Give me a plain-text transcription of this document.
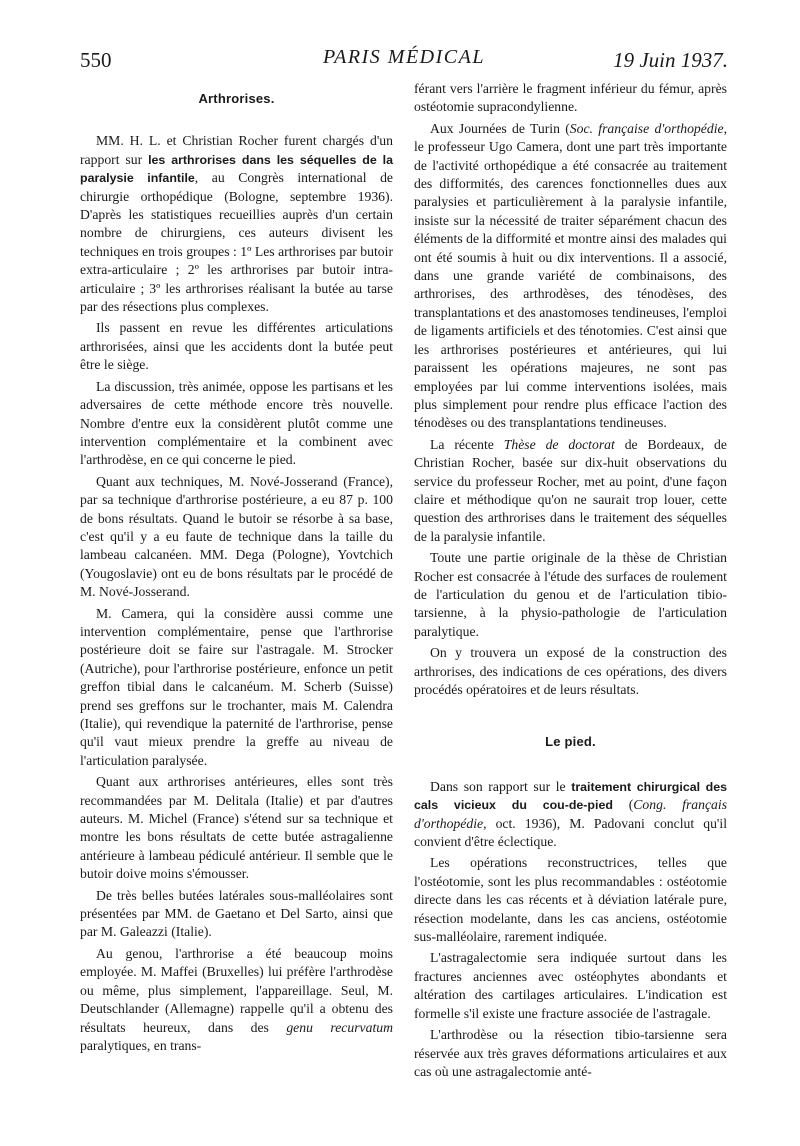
550	PARIS MÉDICAL	19 Juin 1937.
Arthrorises.

MM. H. L. et Christian Rocher furent chargés d'un rapport sur les arthrorises dans les séquelles de la paralysie infantile, au Congrès international de chirurgie orthopédique (Bologne, septembre 1936). D'après les statistiques recueillies auprès d'un certain nombre de chirurgiens, ces auteurs divisent les techniques en trois groupes : 1º Les arthrorises par butoir extra-articulaire ; 2º les arthrorises par butoir intra-articulaire ; 3º les arthrorises réalisant la butée au tarse par des résections plus complexes.

Ils passent en revue les différentes articulations arthrorisées, ainsi que les accidents dont la butée peut être le siège.

La discussion, très animée, oppose les partisans et les adversaires de cette méthode encore très nouvelle. Nombre d'entre eux la considèrent plutôt comme une intervention complémentaire et la combinent avec l'arthrodèse, en ce qui concerne le pied.

Quant aux techniques, M. Nové-Josserand (France), par sa technique d'arthrorise postérieure, a eu 87 p. 100 de bons résultats. Quand le butoir se résorbe à sa base, c'est qu'il y a eu faute de technique dans la taille du lambeau calcanéen. MM. Dega (Pologne), Yovtchich (Yougoslavie) ont eu de bons résultats par le procédé de M. Nové-Josserand.

M. Camera, qui la considère aussi comme une intervention complémentaire, pense que l'arthrorise postérieure doit se faire sur l'astragale. M. Strocker (Autriche), pour l'arthrorise postérieure, enfonce un petit greffon tibial dans le calcanéum. M. Scherb (Suisse) prend ses greffons sur le trochanter, mais M. Calendra (Italie), qui revendique la paternité de l'arthrorise, pense qu'il vaut mieux prendre la greffe au niveau de l'articulation paralysée.

Quant aux arthrorises antérieures, elles sont très recommandées par M. Delitala (Italie) et par d'autres auteurs. M. Michel (France) s'étend sur sa technique et montre les bons résultats de cette butée astragalienne antérieure à lambeau pédiculé antérieur. Il semble que le butoir doive moins s'émousser.

De très belles butées latérales sous-malléolaires sont présentées par MM. de Gaetano et Del Sarto, ainsi que par M. Galeazzi (Italie).

Au genou, l'arthrorise a été beaucoup moins employée. M. Maffei (Bruxelles) lui préfère l'arthrodèse ou même, plus simplement, l'appareillage. Seul, M. Deutschlander (Allemagne) rappelle qu'il a obtenu des résultats heureux, dans des genu recurvatum paralytiques, en trans-

férant vers l'arrière le fragment inférieur du fémur, après ostéotomie supracondylienne.

Aux Journées de Turin (Soc. française d'orthopédie, le professeur Ugo Camera, dont une part très importante de l'activité orthopédique a été consacrée au traitement des difformités, des carences fonctionnelles dues aux paralysies et particulièrement à la paralysie infantile, insiste sur la nécessité de traiter séparément chacun des éléments de la difformité et montre ainsi des malades qui ont été soumis à huit ou dix interventions. Il a associé, dans une grande variété de combinaisons, des arthrorises, des arthrodèses, des ténodèses, des transplantations et des anastomoses tendineuses, l'emploi de ligaments artificiels et des ténotomies. C'est ainsi que les arthrorises postérieures et antérieures, qui lui paraissent les opérations majeures, ne sont pas employées par lui comme interventions isolées, mais plus simplement pour rendre plus efficace l'action des ténodèses ou des transplantations tendineuses.

La récente Thèse de doctorat de Bordeaux, de Christian Rocher, basée sur dix-huit observations du service du professeur Rocher, met au point, d'une façon claire et méthodique qu'on ne saurait trop louer, cette question des arthrorises dans le traitement des séquelles de la paralysie infantile.

Toute une partie originale de la thèse de Christian Rocher est consacrée à l'étude des surfaces de roulement de l'articulation du genou et de l'articulation tibio-tarsienne, à la physio-pathologie de l'articulation paralytique.

On y trouvera un exposé de la construction des arthrorises, des indications de ces opérations, des divers procédés opératoires et de leurs résultats.

Le pied.

Dans son rapport sur le traitement chirurgical des cals vicieux du cou-de-pied (Cong. français d'orthopédie, oct. 1936), M. Padovani conclut qu'il convient d'être éclectique.

Les opérations reconstructrices, telles que l'ostéotomie, sont les plus recommandables : ostéotomie directe dans les cas récents et à déviation latérale pure, résection modelante, dans les cas anciens, ostéotomie sus-malléolaire, rarement indiquée.

L'astragalectomie sera indiquée surtout dans les fractures anciennes avec ostéophytes abondants et altération des cartilages articulaires. L'indication est formelle s'il existe une fracture associée de l'astragale.

L'arthrodèse ou la résection tibio-tarsienne sera réservée aux très graves déformations articulaires et aux cas où une astragalectomie anté-
